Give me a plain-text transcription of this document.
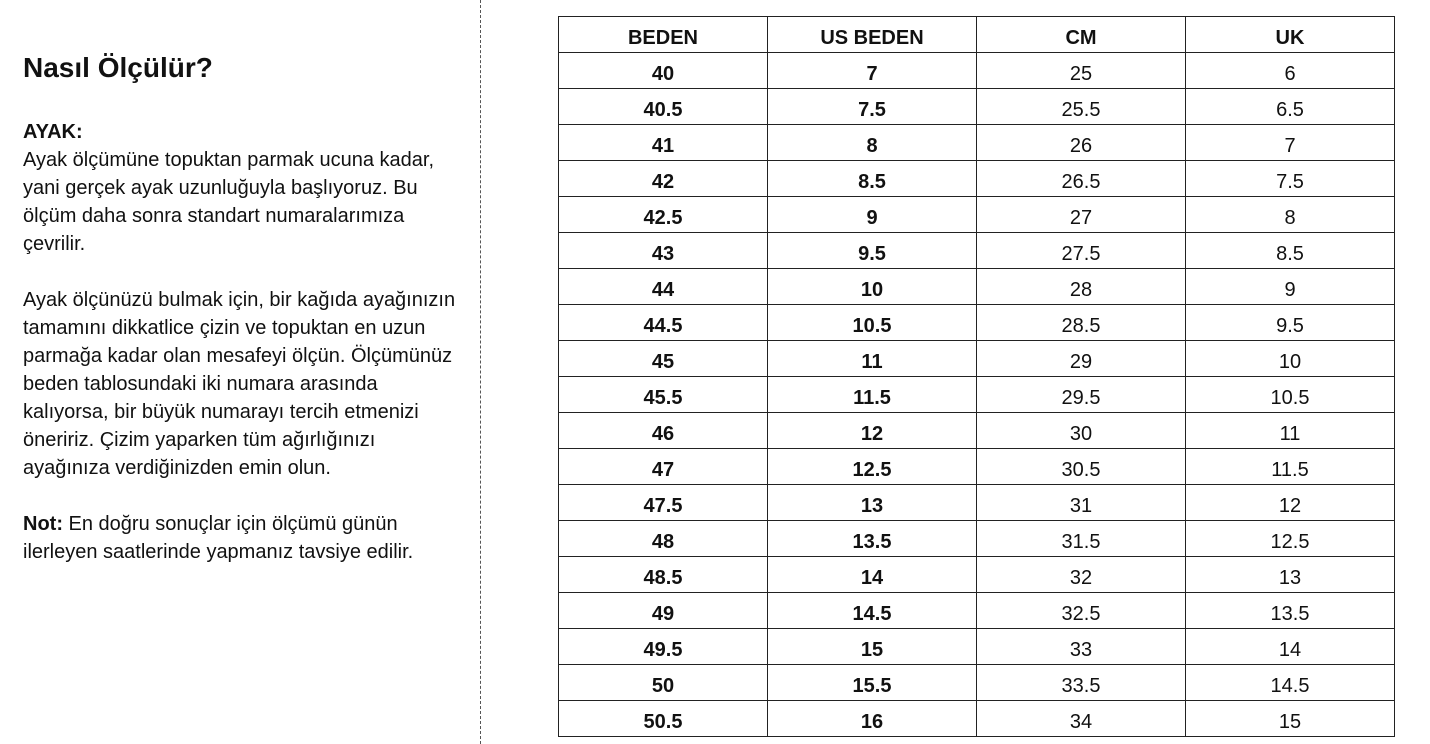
Nasıl Ölçülür?

AYAK:
Ayak ölçümüne topuktan parmak ucuna kadar, yani gerçek ayak uzunluğuyla başlıyoruz. Bu ölçüm daha sonra standart numaralarımıza çevrilir.

Ayak ölçünüzü bulmak için, bir kağıda ayağınızın tamamını dikkatlice çizin ve topuktan en uzun parmağa kadar olan mesafeyi ölçün. Ölçümünüz beden tablosundaki iki numara arasında kalıyorsa, bir büyük numarayı tercih etmenizi öneririz. Çizim yaparken tüm ağırlığınızı ayağınıza verdiğinizden emin olun.

Not: En doğru sonuçlar için ölçümü günün ilerleyen saatlerinde yapmanız tavsiye edilir.

BEDEN	US BEDEN	CM	UK
40	7	25	6
40.5	7.5	25.5	6.5
41	8	26	7
42	8.5	26.5	7.5
42.5	9	27	8
43	9.5	27.5	8.5
44	10	28	9
44.5	10.5	28.5	9.5
45	11	29	10
45.5	11.5	29.5	10.5
46	12	30	11
47	12.5	30.5	11.5
47.5	13	31	12
48	13.5	31.5	12.5
48.5	14	32	13
49	14.5	32.5	13.5
49.5	15	33	14
50	15.5	33.5	14.5
50.5	16	34	15
